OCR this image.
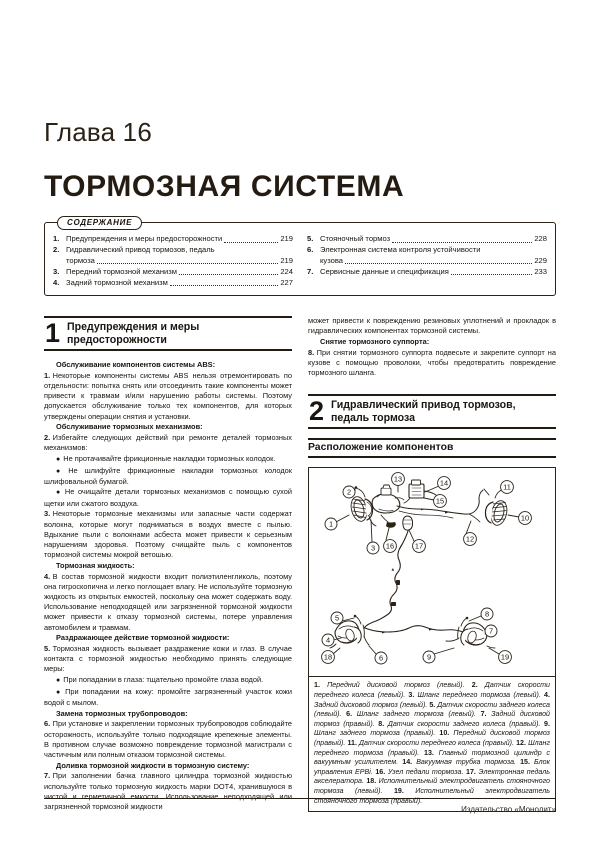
Глава 16
ТОРМОЗНАЯ СИСТЕМА
СОДЕРЖАНИЕ
1. Предупреждения и меры предосторожности	219
2. Гидравлический привод тормозов, педаль
тормоза	219
3. Передний тормозной механизм	224
4. Задний тормозной механизм	227
5. Стояночный тормоз	228
6. Электронная система контроля устойчивости
кузова	229
7. Сервисные данные и спецификация	233
1 Предупреждения и меры
предосторожности
Обслуживание компонентов системы ABS:

1. Некоторые компоненты системы ABS нельзя отремонтировать по отдельности: попытка снять или отсоединить такие компоненты может привести к травмам и/или нарушению работы системы. Поэтому допускается обслуживание только тех компонентов, для которых утверждены операции снятия и установки.

Обслуживание тормозных механизмов:

2. Избегайте следующих действий при ремонте деталей тормозных механизмов:

● Не протачивайте фрикционные накладки тормозных колодок.

● Не шлифуйте фрикционные накладки тормозных колодок шлифовальной бумагой.

● Не очищайте детали тормозных механизмов с помощью сухой щетки или сжатого воздуха.

3. Некоторые тормозные механизмы или запасные части содержат волокна, которые могут подниматься в воздух вместе с пылью. Вдыхание пыли с волокнами асбеста может привести к серьезным нарушениям здоровья. Поэтому счищайте пыль с компонентов тормозной системы мокрой ветошью.

Тормозная жидкость:

4. В состав тормозной жидкости входит полиэтиленгликоль, поэтому она гигроскопична и легко поглощает влагу. Не используйте тормозную жидкость из открытых емкостей, поскольку она может содержать воду. Использование неподходящей или загрязненной тормозной жидкости может привести к отказу тормозной системы, потере управления автомобилем и травмам.

Раздражающее действие тормозной жидкости:

5. Тормозная жидкость вызывает раздражение кожи и глаз. В случае контакта с тормозной жидкостью необходимо принять следующие меры:

● При попадании в глаза: тщательно промойте глаза водой.

● При попадании на кожу: промойте загрязненный участок кожи водой с мылом.

Замена тормозных трубопроводов:

6. При установке и закреплении тормозных трубопроводов соблюдайте осторожность, используйте только подходящие крепежные элементы. В противном случае возможно повреждение тормозной магистрали с частичным или полным отказом тормозной системы.

Доливка тормозной жидкости в тормозную систему:

7. При заполнении бачка главного цилиндра тормозной жидкостью используйте только тормозную жидкость марки DOT4, хранившуюся в чистой и герметичной емкости. Использование неподходящей или загрязненной тормозной жидкости

может привести к повреждению резиновых уплотнений и прокладок в гидравлических компонентах тормозной системы.

Снятие тормозного суппорта:

8. При снятии тормозного суппорта подвесьте и закрепите суппорт на кузове с помощью проволоки, чтобы предотвратить повреждение тормозного шланга.

2 Гидравлический привод тормозов,
педаль тормоза
Расположение компонентов
1
2
3
4
5
6
7
8
9
10
11
12
13	14
15
16	17
18	19
1. Передний дисковой тормоз (левый). 2. Датчик скорости переднего колеса (левый). 3. Шланг переднего тормоза (левый). 4. Задний дисковой тормоз (левый). 5. Датчик скорости заднего колеса (левый). 6. Шланг заднего тормоза (левый). 7. Задний дисковой тормоз (правый). 8. Датчик скорости заднего колеса (правый). 9. Шланг заднего тормоза (правый). 10. Передний дисковой тормоз (правый). 11. Датчик скорости переднего колеса (правый). 12. Шланг переднего тормоза (правый). 13. Главный тормозной цилиндр с вакуумным усилителем. 14. Вакуумная трубка тормоза. 15. Блок управления EPBi. 16. Узел педали тормоза. 17. Электронная педаль акселератора. 18. Исполнительный электродвигатель стояночного тормоза (левый). 19. Исполнительный электродвигатель стояночного тормоза (правый).
Издательство «Монолит»
